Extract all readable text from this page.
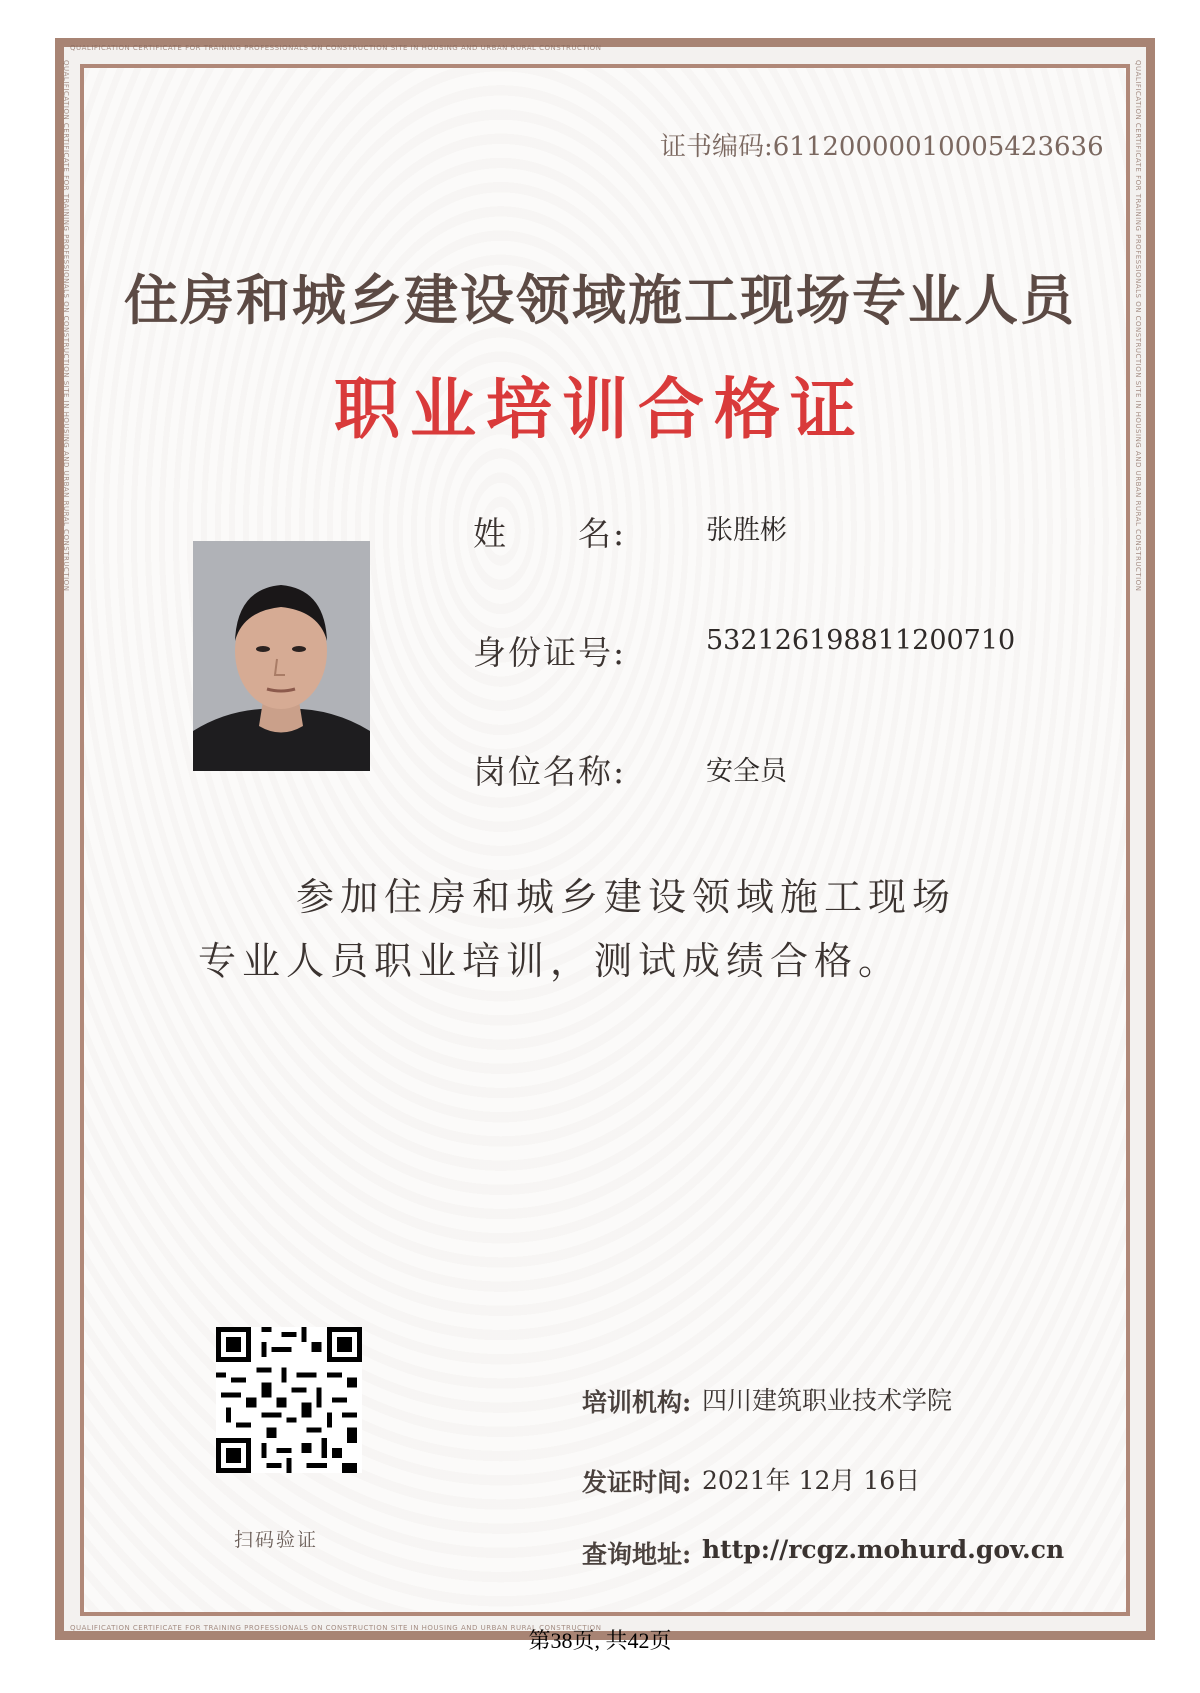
QUALIFICATION CERTIFICATE FOR TRAINING PROFESSIONALS ON CONSTRUCTION SITE IN HOUSING AND URBAN RURAL CONSTRUCTION
QUALIFICATION CERTIFICATE FOR TRAINING PROFESSIONALS ON CONSTRUCTION SITE IN HOUSING AND URBAN RURAL CONSTRUCTION
QUALIFICATION CERTIFICATE FOR TRAINING PROFESSIONALS ON CONSTRUCTION SITE IN HOUSING AND URBAN RURAL CONSTRUCTION	QUALIFICATION CERTIFICATE FOR TRAINING PROFESSIONALS ON CONSTRUCTION SITE IN HOUSING AND URBAN RURAL CONSTRUCTION
证书编码:61120000010005423636
住房和城乡建设领域施工现场专业人员
职业培训合格证
姓　　名:	张胜彬
身份证号:	532126198811200710
岗位名称:	安全员
参加住房和城乡建设领域施工现场
专业人员职业培训，测试成绩合格。
扫码验证
培训机构: 四川建筑职业技术学院
发证时间: 2021年 12月 16日
查询地址: http://rcgz.mohurd.gov.cn
第38页, 共42页
